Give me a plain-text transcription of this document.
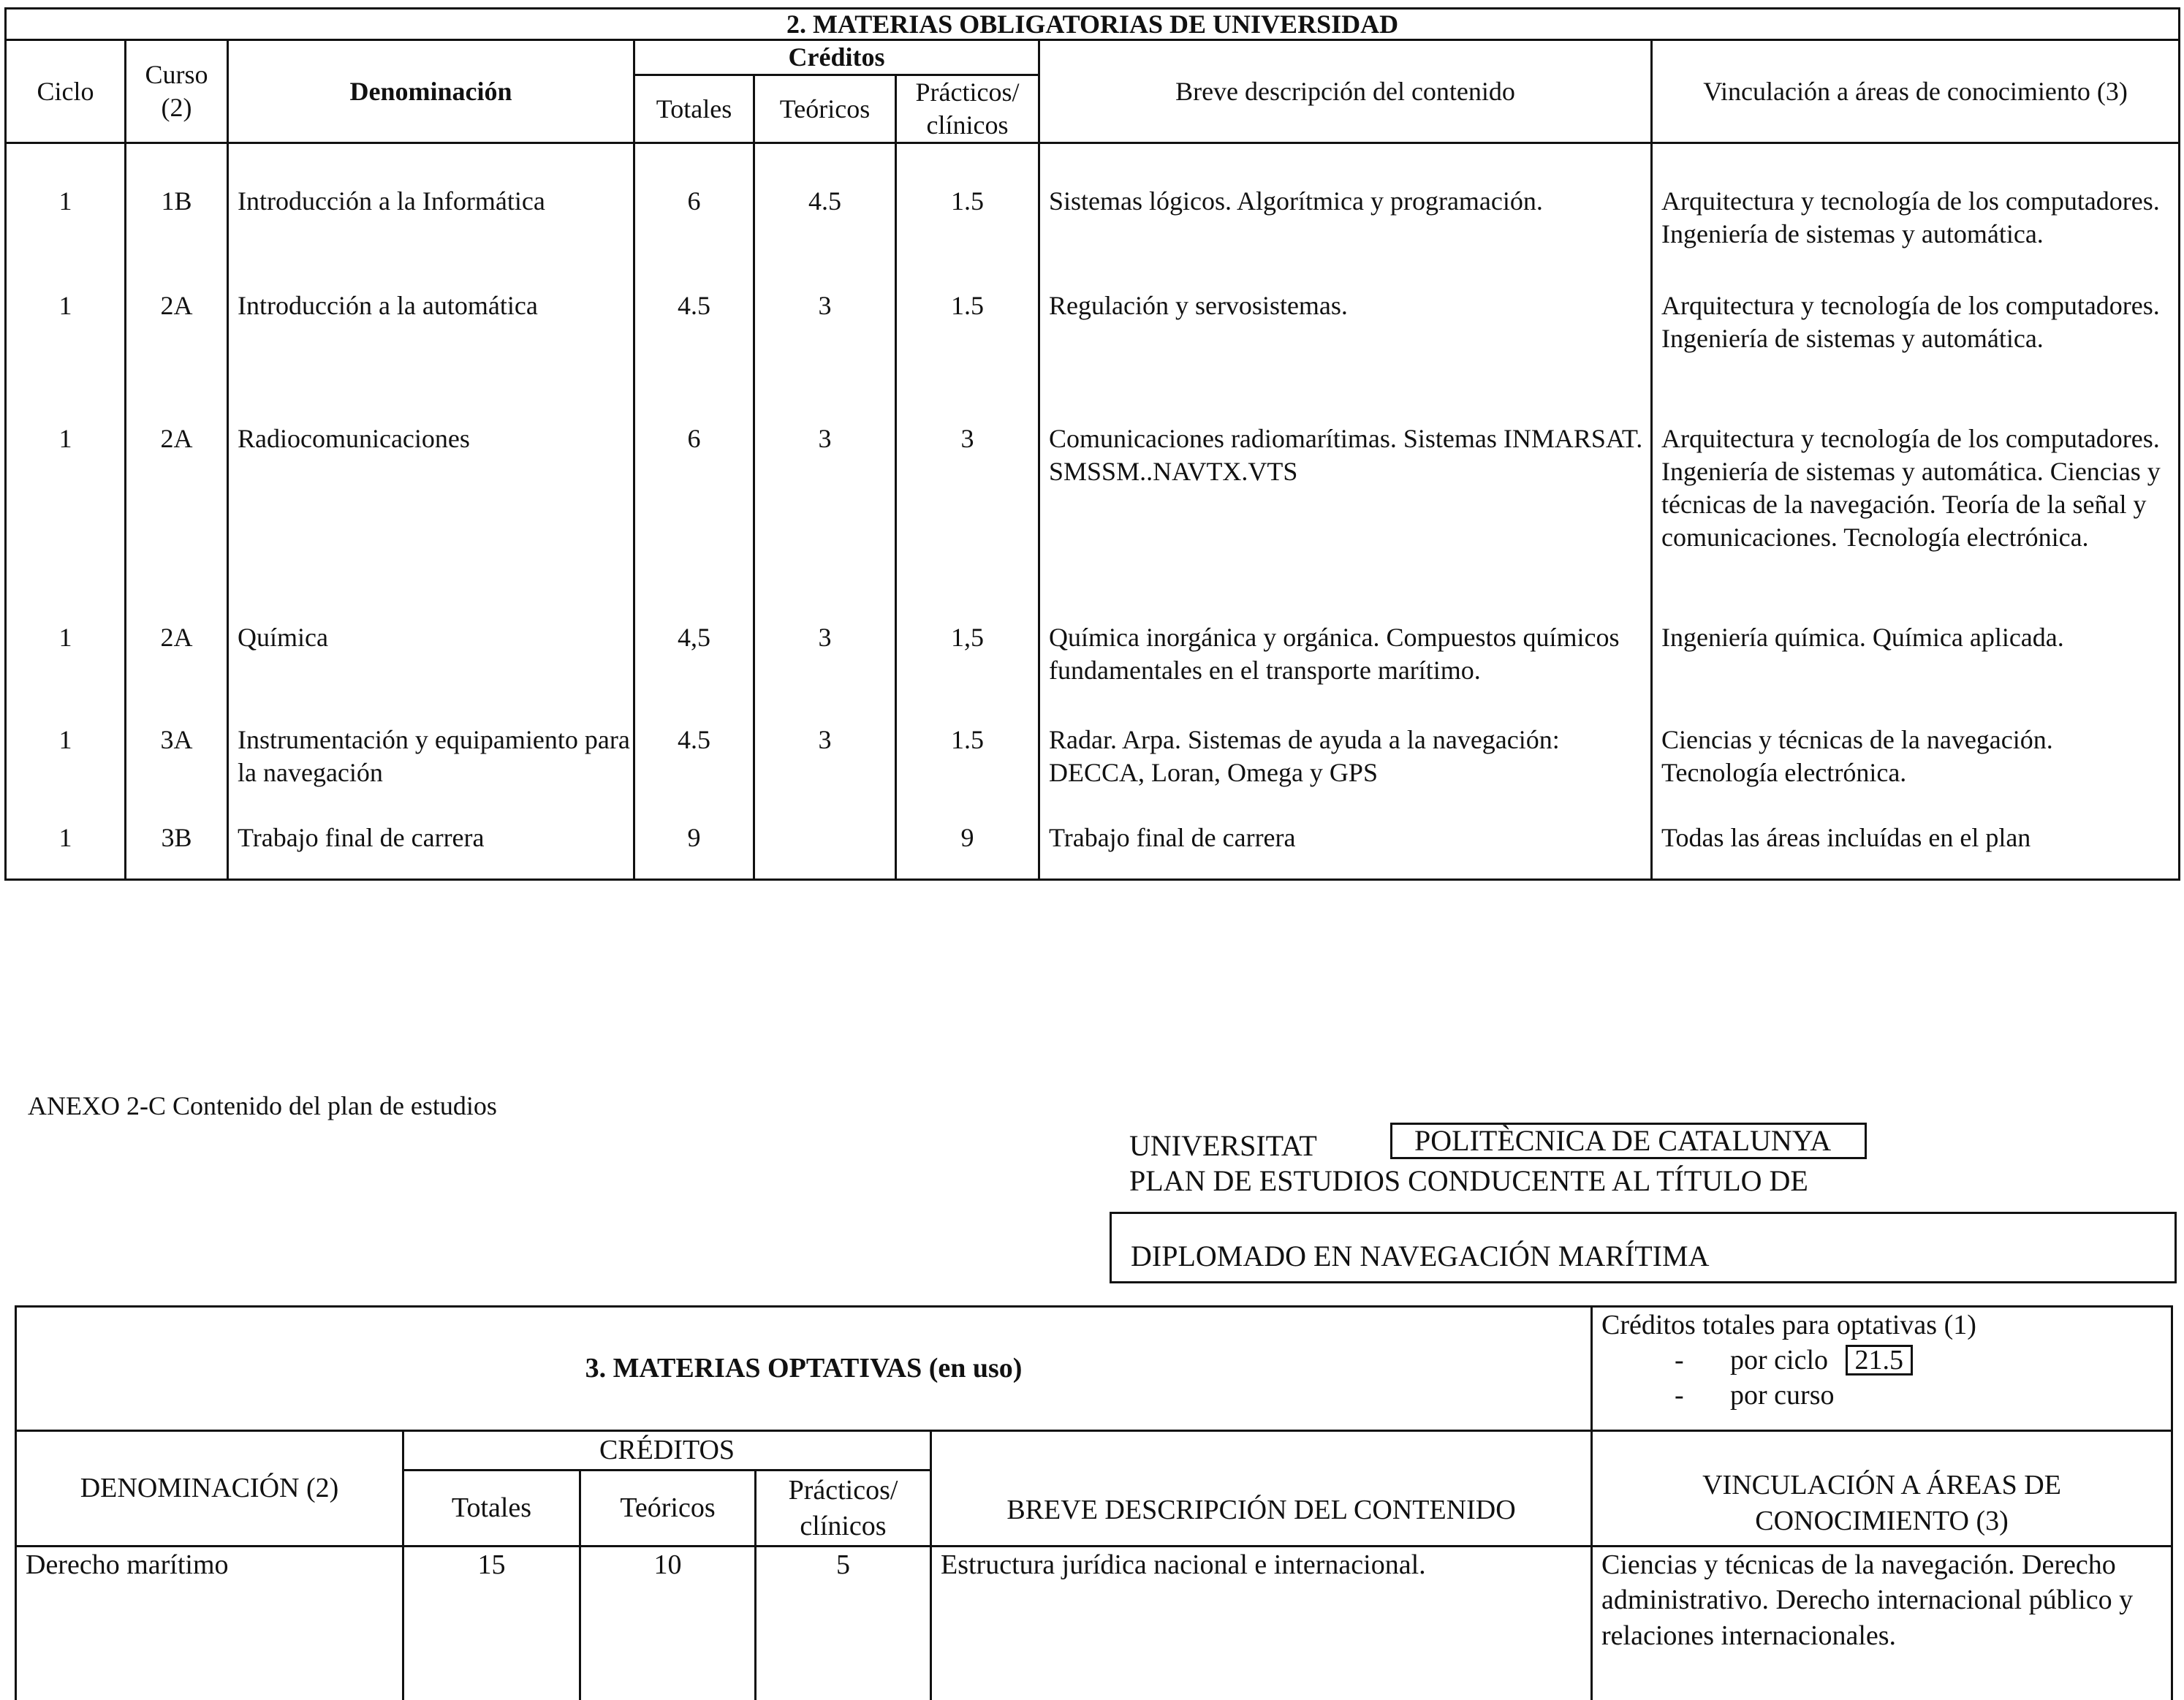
2. MATERIAS OBLIGATORIAS DE UNIVERSIDAD							
Ciclo	Curso
(2)	Denominación	Créditos			Breve descripción del contenido	Vinculación a áreas de conocimiento (3)
			Totales	Teóricos	Prácticos/
clínicos		

1	1B	Introducción a la Informática	6	4.5	1.5	Sistemas lógicos. Algorítmica y programación.	Arquitectura y tecnología de los computadores. Ingeniería de sistemas y automática.
1	2A	Introducción a la automática	4.5	3	1.5	Regulación y servosistemas.	Arquitectura y tecnología de los computadores. Ingeniería de sistemas y automática.
1	2A	Radiocomunicaciones	6	3	3	Comunicaciones radiomarítimas. Sistemas INMARSAT. SMSSM..NAVTX.VTS	Arquitectura y tecnología de los computadores. Ingeniería de sistemas y automática. Ciencias y técnicas de la navegación. Teoría de la señal y comunicaciones. Tecnología electrónica.
1	2A	Química	4,5	3	1,5	Química inorgánica y orgánica. Compuestos químicos fundamentales en el transporte marítimo.	Ingeniería química. Química aplicada.
1	3A	Instrumentación y equipamiento para la navegación	4.5	3	1.5	Radar. Arpa. Sistemas de ayuda a la navegación: DECCA, Loran, Omega y GPS	Ciencias y técnicas de la navegación. Tecnología electrónica.
1	3B	Trabajo final de carrera	9		9	Trabajo final de carrera	Todas las áreas incluídas en el plan
ANEXO 2-C Contenido del plan de estudios
UNIVERSITAT	POLITÈCNICA DE CATALUNYA
PLAN DE ESTUDIOS CONDUCENTE AL TÍTULO DE
DIPLOMADO EN NAVEGACIÓN MARÍTIMA
3. MATERIAS OPTATIVAS (en uso)					Créditos totales para optativas (1)
- por ciclo 21.5
- por curso

DENOMINACIÓN (2)	CRÉDITOS			BREVE DESCRIPCIÓN DEL CONTENIDO	VINCULACIÓN A ÁREAS DE
CONOCIMIENTO (3)

	Totales	Teóricos	Prácticos/
clínicos		

Derecho marítimo	15	10	5	Estructura jurídica nacional e internacional.	Ciencias y técnicas de la navegación. Derecho administrativo. Derecho internacional público y relaciones internacionales.
